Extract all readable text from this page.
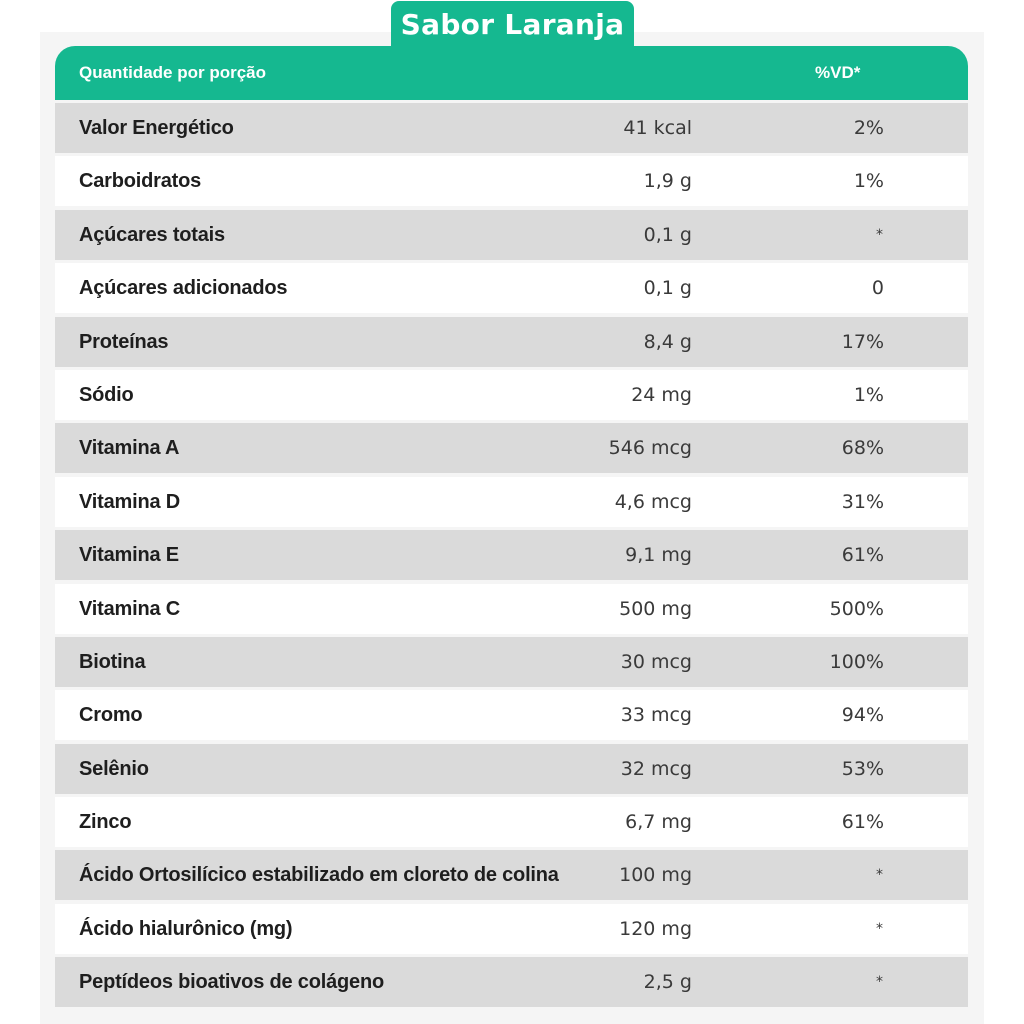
Sabor Laranja
Quantidade por porção	%VD*
Valor Energético	41 kcal	2%
Carboidratos	1,9 g	1%
Açúcares totais	0,1 g	*
Açúcares adicionados	0,1 g	0
Proteínas	8,4 g	17%
Sódio	24 mg	1%
Vitamina A	546 mcg	68%
Vitamina D	4,6 mcg	31%
Vitamina E	9,1 mg	61%
Vitamina C	500 mg	500%
Biotina	30 mcg	100%
Cromo	33 mcg	94%
Selênio	32 mcg	53%
Zinco	6,7 mg	61%
Ácido Ortosilícico estabilizado em cloreto de colina	100 mg	*
Ácido hialurônico (mg)	120 mg	*
Peptídeos bioativos de colágeno	2,5 g	*
